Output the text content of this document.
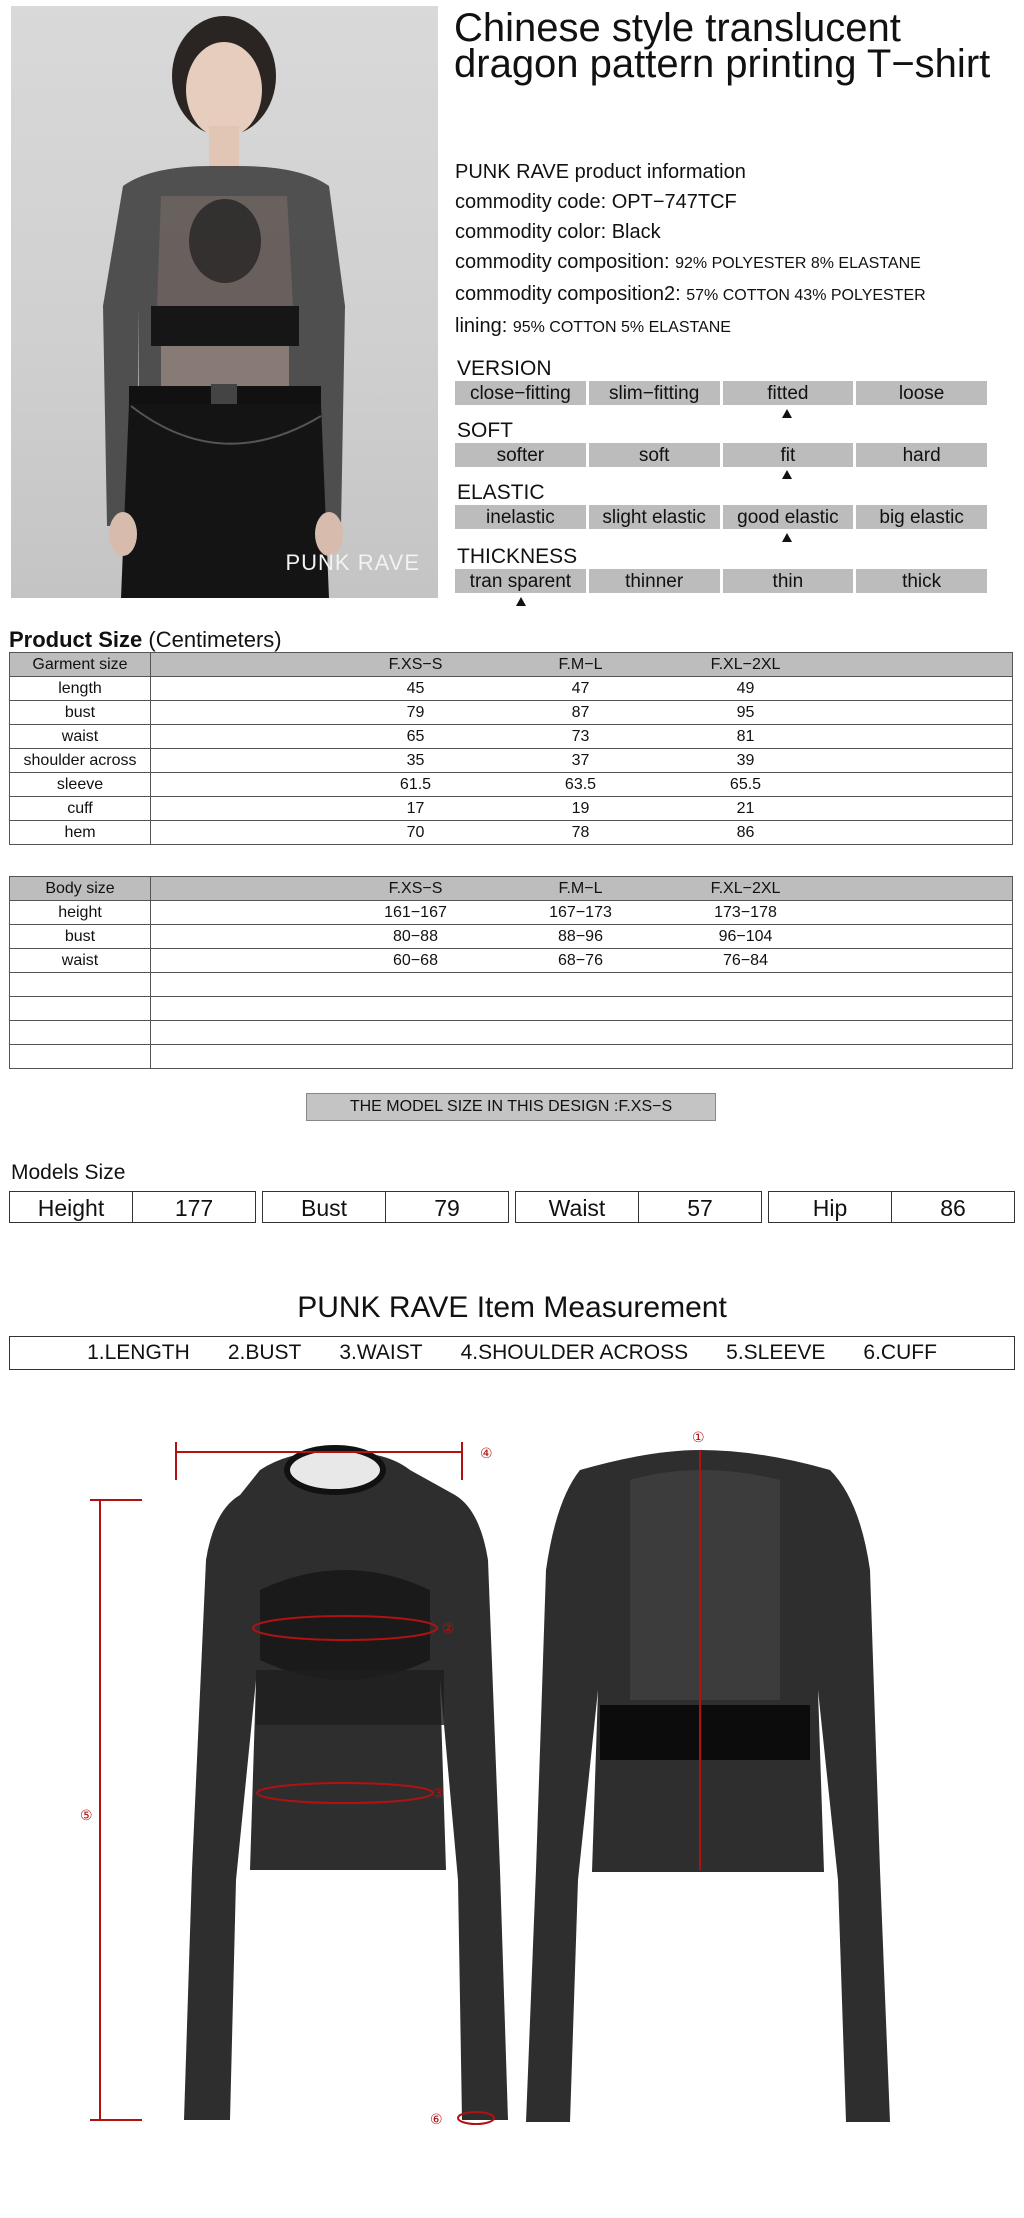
PUNK RAVE
Chinese style translucent
dragon pattern printing T−shirt
PUNK RAVE product information
commodity code: OPT−747TCF
commodity color: Black
commodity composition: 92% POLYESTER 8% ELASTANE
commodity composition2: 57% COTTON 43% POLYESTER
lining: 95% COTTON 5% ELASTANE
VERSION
close−fitting	slim−fitting	fitted	loose
SOFT
softer	soft	fit	hard
ELASTIC
inelastic	slight elastic	good elastic	big elastic
THICKNESS
tran sparent	thinner	thin	thick
Product Size (Centimeters)
Garment size	F.XS−S F.M−L F.XL−2XL

length	45 47 49

bust	79 87 95

waist	65 73 81

shoulder across	35 37 39

sleeve	61.5 63.5 65.5

cuff	17 19 21

hem	70 78 86
Body size	F.XS−S F.M−L F.XL−2XL

height	161−167 167−173 173−178

bust	80−88 88−96 96−104

waist	60−68 68−76 76−84

THE MODEL SIZE IN THIS DESIGN :F.XS−S
Models Size
Height	177	Bust	79	Waist	57	Hip	86
PUNK RAVE Item Measurement
1.LENGTH 2.BUST 3.WAIST 4.SHOULDER ACROSS 5.SLEEVE 6.CUFF
④
②
③
⑤
⑥
①
